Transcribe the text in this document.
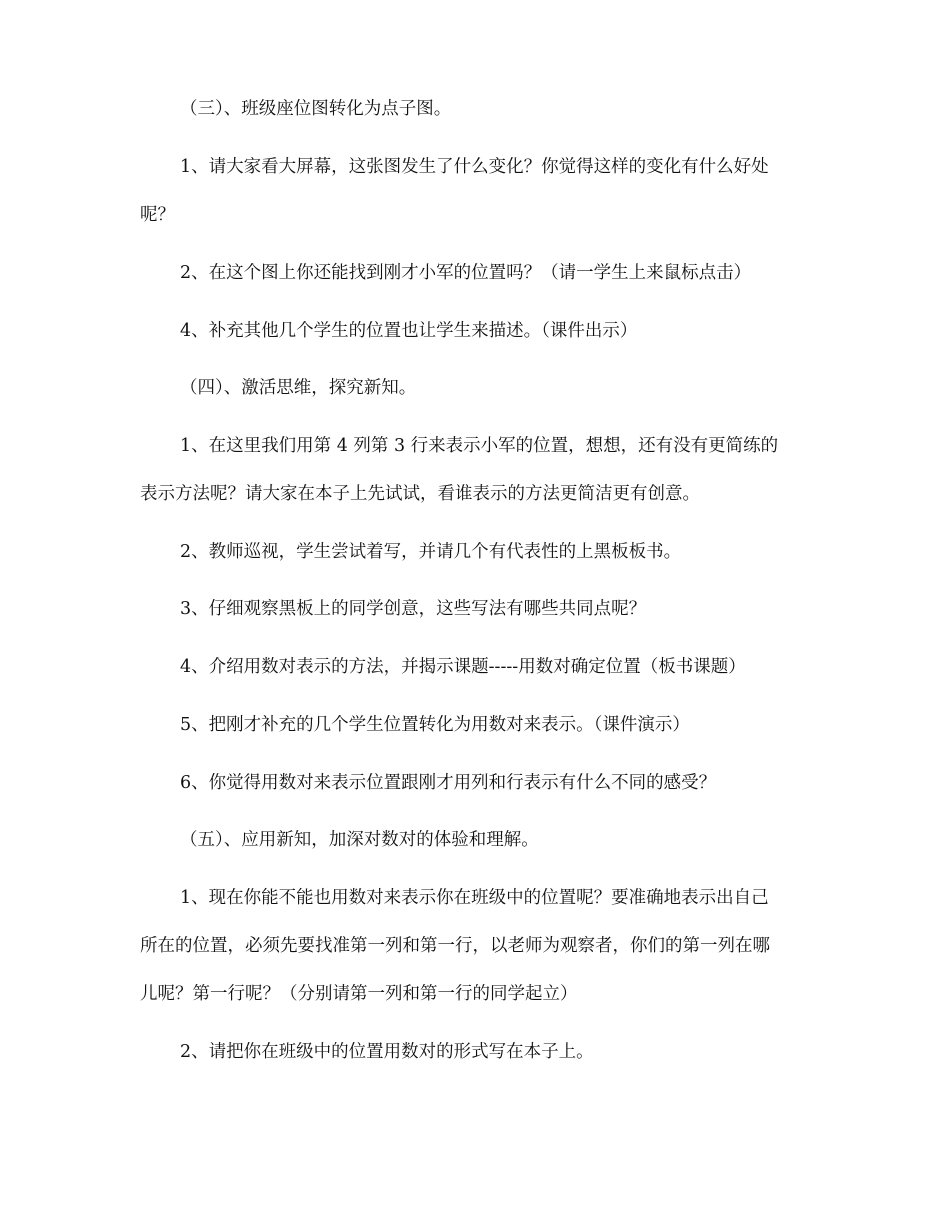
（三）、班级座位图转化为点子图。
1、请大家看大屏幕，这张图发生了什么变化？你觉得这样的变化有什么好处
呢？
2、在这个图上你还能找到刚才小军的位置吗？（请一学生上来鼠标点击）
4、补充其他几个学生的位置也让学生来描述。（课件出示）
（四）、激活思维，探究新知。
1、在这里我们用第 4 列第 3 行来表示小军的位置，想想，还有没有更简练的
表示方法呢？请大家在本子上先试试，看谁表示的方法更简洁更有创意。
2、教师巡视，学生尝试着写，并请几个有代表性的上黑板板书。
3、仔细观察黑板上的同学创意，这些写法有哪些共同点呢？
4、介绍用数对表示的方法，并揭示课题-----用数对确定位置（板书课题）
5、把刚才补充的几个学生位置转化为用数对来表示。（课件演示）
6、你觉得用数对来表示位置跟刚才用列和行表示有什么不同的感受？
（五）、应用新知，加深对数对的体验和理解。
1、现在你能不能也用数对来表示你在班级中的位置呢？要准确地表示出自己
所在的位置，必须先要找准第一列和第一行，以老师为观察者，你们的第一列在哪
儿呢？第一行呢？（分别请第一列和第一行的同学起立）
2、请把你在班级中的位置用数对的形式写在本子上。
